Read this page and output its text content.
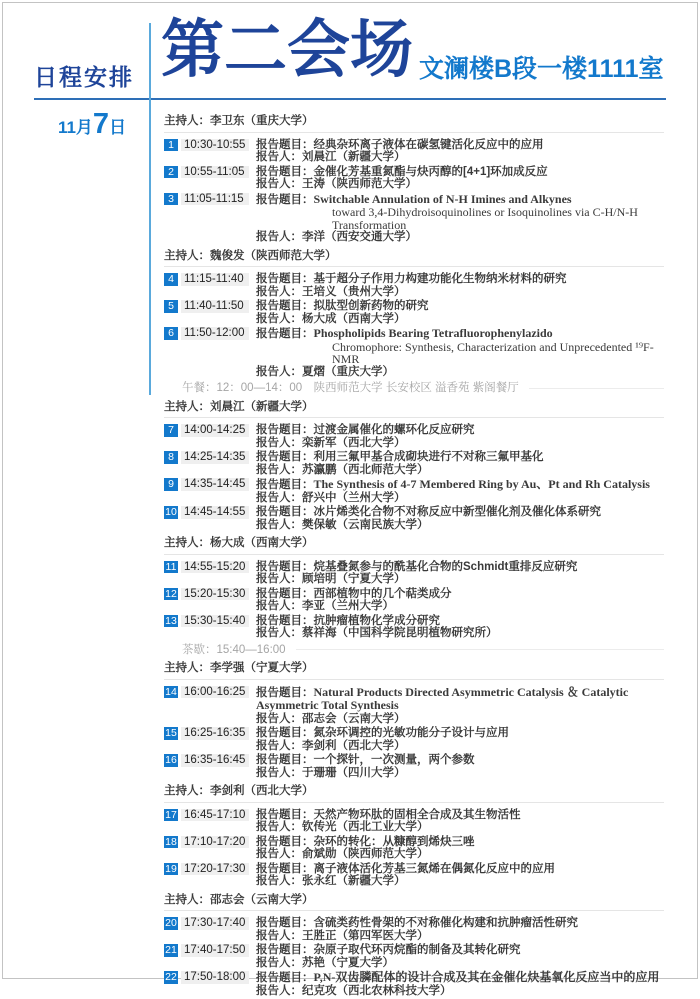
日程安排 第二会场 文澜楼B段一楼1111室
11月7日	主持人：李卫东（重庆大学）
1 10:30-10:55 报告题目：经典杂环离子液体在碳氢键活化反应中的应用
报告人：刘晨江（新疆大学）
2 10:55-11:05 报告题目：金催化芳基重氮酯与炔丙醇的[4+1]环加成反应
报告人：王涛（陕西师范大学）
3 11:05-11:15	报告题目：Switchable Annulation of N-H Imines and Alkynes
toward 3,4-Dihydroisoquinolines or Isoquinolines via C-H/N-H Transformation
报告人：李洋（西安交通大学）
主持人：魏俊发（陕西师范大学）
4 11:15-11:40	报告题目：基于超分子作用力构建功能化生物纳米材料的研究
报告人：王培义（贵州大学）
5 11:40-11:50	报告题目：拟肽型创新药物的研究
报告人：杨大成（西南大学）
6 11:50-12:00 报告题目：Phospholipids Bearing Tetrafluorophenylazido
Chromophore: Synthesis, Characterization and Unprecedented ¹⁹F-NMR
报告人：夏熠（重庆大学）
午餐：12：00—14：00　陕西师范大学 长安校区 溢香苑 紫阁餐厅
主持人：刘晨江（新疆大学）
7 14:00-14:25 报告题目：过渡金属催化的螺环化反应研究
报告人：栾新军（西北大学）
8 14:25-14:35 报告题目：利用三氟甲基合成砌块进行不对称三氟甲基化
报告人：苏瀛鹏（西北师范大学）
9 14:35-14:45 报告题目：The Synthesis of 4-7 Membered Ring by Au、Pt and Rh Catalysis
报告人：舒兴中（兰州大学）
10 14:45-14:55 报告题目：冰片烯类化合物不对称反应中新型催化剂及催化体系研究
报告人：樊保敏（云南民族大学）
主持人：杨大成（西南大学）
11 14:55-15:20 报告题目：烷基叠氮参与的酰基化合物的Schmidt重排反应研究
报告人：顾培明（宁夏大学）
12 15:20-15:30 报告题目：西部植物中的几个萜类成分
报告人：李亚（兰州大学）
13 15:30-15:40 报告题目：抗肿瘤植物化学成分研究
报告人：蔡祥海（中国科学院昆明植物研究所）
茶歇：15:40—16:00
主持人：李学强（宁夏大学）
14 16:00-16:25 报告题目：Natural Products Directed Asymmetric Catalysis ＆ Catalytic Asymmetric Total Synthesis
报告人：邵志会（云南大学）
15 16:25-16:35 报告题目：氮杂环调控的光敏功能分子设计与应用
报告人：李剑利（西北大学）
16 16:35-16:45 报告题目：一个探针，一次测量，两个参数
报告人：于珊珊（四川大学）
主持人：李剑利（西北大学）
17 16:45-17:10 报告题目：天然产物环肽的固相全合成及其生物活性
报告人：钦传光（西北工业大学）
18 17:10-17:20 报告题目：杂环的转化：从糠醇到烯炔三唑
报告人：俞斌勋（陕西师范大学）
19 17:20-17:30 报告题目：离子液体活化芳基三氮烯在偶氮化反应中的应用
报告人：张永红（新疆大学）
主持人：邵志会（云南大学）
20 17:30-17:40 报告题目：含硫类药性骨架的不对称催化构建和抗肿瘤活性研究
报告人：王胜正（第四军医大学）
21 17:40-17:50 报告题目：杂原子取代环丙烷酯的制备及其转化研究
报告人：苏艳（宁夏大学）
22 17:50-18:00 报告题目：P,N-双齿膦配体的设计合成及其在金催化炔基氧化反应当中的应用
报告人：纪克攻（西北农林科技大学）
